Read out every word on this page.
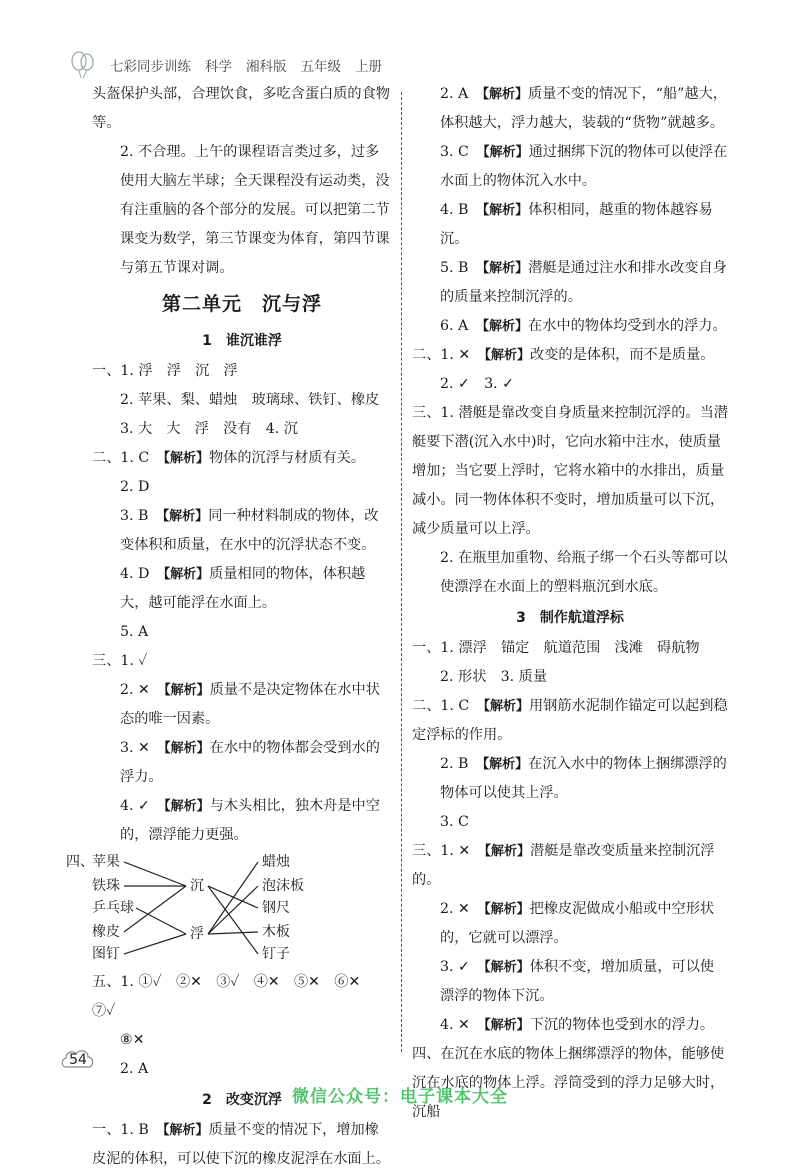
七彩同步训练 科学 湘科版 五年级 上册

头盔保护头部，合理饮食，多吃含蛋白质的食物等。

2. 不合理。上午的课程语言类过多，过多使用大脑左半球；全天课程没有运动类，没有注重脑的各个部分的发展。可以把第二节课变为数学，第三节课变为体育，第四节课与第五节课对调。

第二单元　沉与浮
1　谁沉谁浮

一、1. 浮　浮　沉　浮

2. 苹果、梨、蜡烛　玻璃球、铁钉、橡皮

3. 大　大　浮　没有　4. 沉

二、1. C　【解析】物体的沉浮与材质有关。

2. D

3. B　【解析】同一种材料制成的物体，改变体积和质量，在水中的沉浮状态不变。

4. D　【解析】质量相同的物体，体积越大，越可能浮在水面上。

5. A

三、1. ✓

2. ✕　【解析】质量不是决定物体在水中状态的唯一因素。

3. ✕　【解析】在水中的物体都会受到水的浮力。

4. ✓　【解析】与木头相比，独木舟是中空的，漂浮能力更强。

四、
苹果
铁珠
乒乓球
橡皮
图钉
沉
浮
蜡烛
泡沫板
钢尺
木板
钉子

五、1. ①✓　②✕　③✓　④✕　⑤✕　⑥✕　⑦✓

⑧✕

2. A

2　改变沉浮

一、1. B　【解析】质量不变的情况下，增加橡皮泥的体积，可以使下沉的橡皮泥浮在水面上。

2. A　【解析】质量不变的情况下，“船”越大，体积越大，浮力越大，装载的“货物”就越多。

3. C　【解析】通过捆绑下沉的物体可以使浮在水面上的物体沉入水中。

4. B　【解析】体积相同，越重的物体越容易沉。

5. B　【解析】潜艇是通过注水和排水改变自身的质量来控制沉浮的。

6. A　【解析】在水中的物体均受到水的浮力。

二、1. ✕　【解析】改变的是体积，而不是质量。

2. ✓　3. ✓

三、1. 潜艇是靠改变自身质量来控制沉浮的。当潜艇要下潜(沉入水中)时，它向水箱中注水，使质量增加；当它要上浮时，它将水箱中的水排出，质量减小。同一物体体积不变时，增加质量可以下沉，减少质量可以上浮。

2. 在瓶里加重物、给瓶子绑一个石头等都可以使漂浮在水面上的塑料瓶沉到水底。

3　制作航道浮标

一、1. 漂浮　锚定　航道范围　浅滩　碍航物

2. 形状　3. 质量

二、1. C　【解析】用钢筋水泥制作锚定可以起到稳定浮标的作用。

2. B　【解析】在沉入水中的物体上捆绑漂浮的物体可以使其上浮。

3. C

三、1. ✕　【解析】潜艇是靠改变质量来控制沉浮的。

2. ✕　【解析】把橡皮泥做成小船或中空形状的，它就可以漂浮。

3. ✓　【解析】体积不变，增加质量，可以使漂浮的物体下沉。

4. ✕　【解析】下沉的物体也受到水的浮力。

四、在沉在水底的物体上捆绑漂浮的物体，能够使沉在水底的物体上浮。浮筒受到的浮力足够大时，沉船

54
微信公众号：电子课本大全
